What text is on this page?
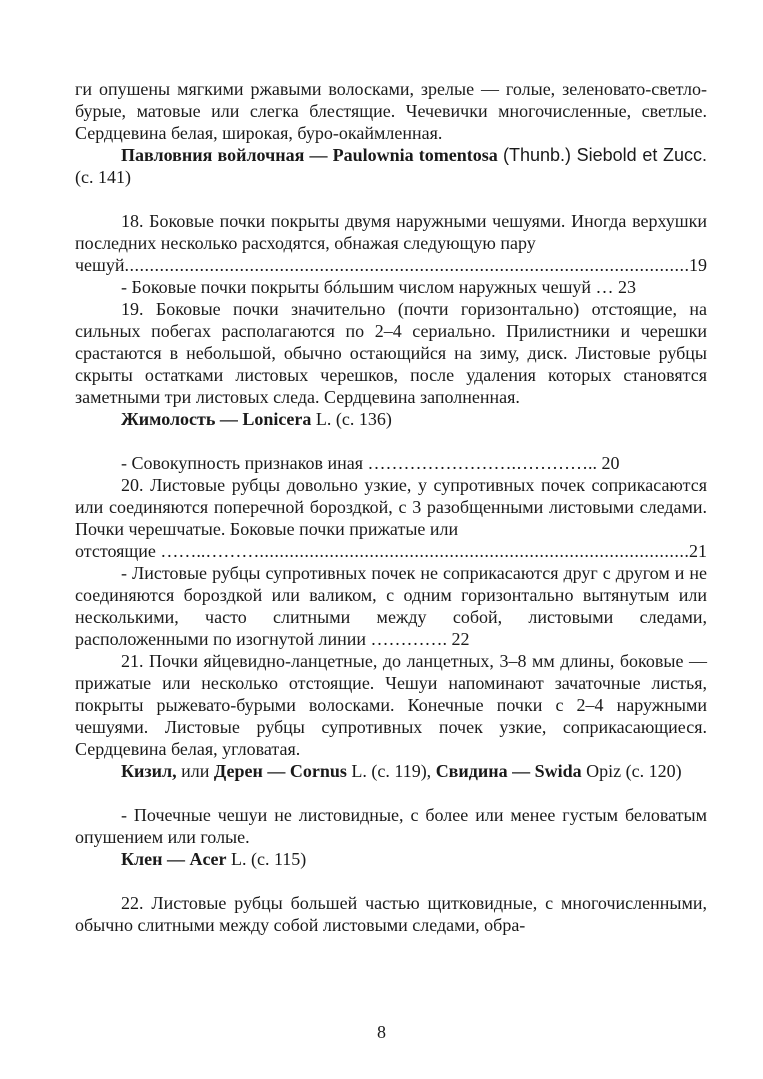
ги опушены мягкими ржавыми волосками, зрелые — голые, зеленовато-светло-бурые, матовые или слегка блестящие. Чечевички многочисленные, светлые. Сердцевина белая, широкая, буро-окаймленная.

Павловния войлочная — Paulownia tomentosa (Thunb.) Siebold et Zucc. (с. 141)

18. Боковые почки покрыты двумя наружными чешуями. Иногда верхушки последних несколько расходятся, обнажая следующую пару

чешуй .....	19

- Боковые почки покрыты бóльшим числом наружных чешуй … 23

19. Боковые почки значительно (почти горизонтально) отстоящие, на сильных побегах располагаются по 2–4 сериально. Прилистники и черешки срастаются в небольшой, обычно остающийся на зиму, диск. Листовые рубцы скрыты остатками листовых черешков, после удаления которых становятся заметными три листовых следа. Сердцевина заполненная.

Жимолость — Lonicera L. (с. 136)

- Совокупность признаков иная …………………….………….. 20

20. Листовые рубцы довольно узкие, у супротивных почек соприкасаются или соединяются поперечной бороздкой, с 3 разобщенными листовыми следами. Почки черешчатые. Боковые почки прижатые или

отстоящие ……..……… .....	21

- Листовые рубцы супротивных почек не соприкасаются друг с другом и не соединяются бороздкой или валиком, с одним горизонтально вытянутым или несколькими, часто слитными между собой, листовыми следами, расположенными по изогнутой линии …………. 22

21. Почки яйцевидно-ланцетные, до ланцетных, 3–8 мм длины, боковые — прижатые или несколько отстоящие. Чешуи напоминают зачаточные листья, покрыты рыжевато-бурыми волосками. Конечные почки с 2–4 наружными чешуями. Листовые рубцы супротивных почек узкие, соприкасающиеся. Сердцевина белая, угловатая.

Кизил, или Дерен — Cornus L. (с. 119), Свидина — Swida Opiz (с. 120)

- Почечные чешуи не листовидные, с более или менее густым беловатым опушением или голые.

Клен — Acer L. (с. 115)

22. Листовые рубцы большей частью щитковидные, с многочисленными, обычно слитными между собой листовыми следами, обра-

8
